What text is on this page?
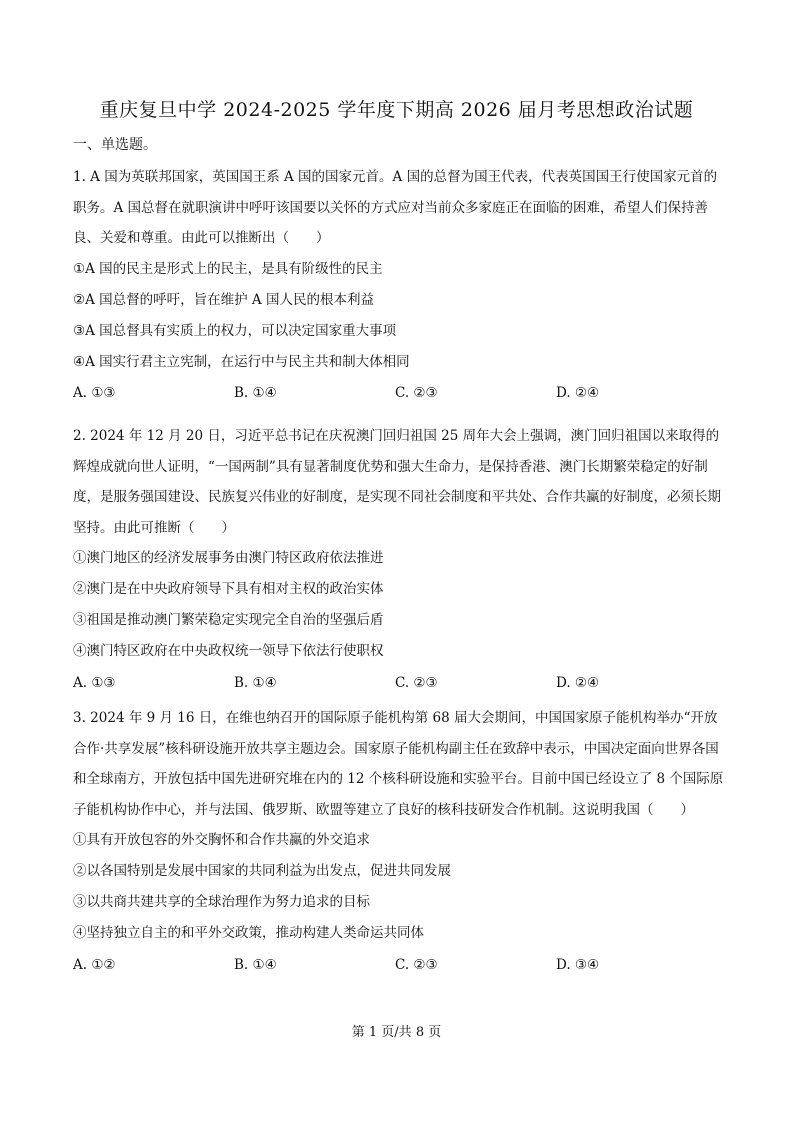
重庆复旦中学 2024-2025 学年度下期高 2026 届月考思想政治试题
一、单选题。

1. A 国为英联邦国家，英国国王系 A 国的国家元首。A 国的总督为国王代表，代表英国国王行使国家元首的职务。A 国总督在就职演讲中呼吁该国要以关怀的方式应对当前众多家庭正在面临的困难，希望人们保持善良、关爱和尊重。由此可以推断出（　　）

①A 国的民主是形式上的民主，是具有阶级性的民主

②A 国总督的呼吁，旨在维护 A 国人民的根本利益

③A 国总督具有实质上的权力，可以决定国家重大事项

④A 国实行君主立宪制，在运行中与民主共和制大体相同

A. ①③	B. ①④	C. ②③	D. ②④

2. 2024 年 12 月 20 日，习近平总书记在庆祝澳门回归祖国 25 周年大会上强调，澳门回归祖国以来取得的辉煌成就向世人证明，“一国两制”具有显著制度优势和强大生命力，是保持香港、澳门长期繁荣稳定的好制度，是服务强国建设、民族复兴伟业的好制度，是实现不同社会制度和平共处、合作共赢的好制度，必须长期坚持。由此可推断（　　）

①澳门地区的经济发展事务由澳门特区政府依法推进

②澳门是在中央政府领导下具有相对主权的政治实体

③祖国是推动澳门繁荣稳定实现完全自治的坚强后盾

④澳门特区政府在中央政权统一领导下依法行使职权

A. ①③	B. ①④	C. ②③	D. ②④

3. 2024 年 9 月 16 日，在维也纳召开的国际原子能机构第 68 届大会期间，中国国家原子能机构举办“开放合作·共享发展”核科研设施开放共享主题边会。国家原子能机构副主任在致辞中表示，中国决定面向世界各国和全球南方，开放包括中国先进研究堆在内的 12 个核科研设施和实验平台。目前中国已经设立了 8 个国际原子能机构协作中心，并与法国、俄罗斯、欧盟等建立了良好的核科技研发合作机制。这说明我国（　　）

①具有开放包容的外交胸怀和合作共赢的外交追求

②以各国特别是发展中国家的共同利益为出发点，促进共同发展

③以共商共建共享的全球治理作为努力追求的目标

④坚持独立自主的和平外交政策，推动构建人类命运共同体

A. ①②	B. ①④	C. ②③	D. ③④
第 1 页/共 8 页
